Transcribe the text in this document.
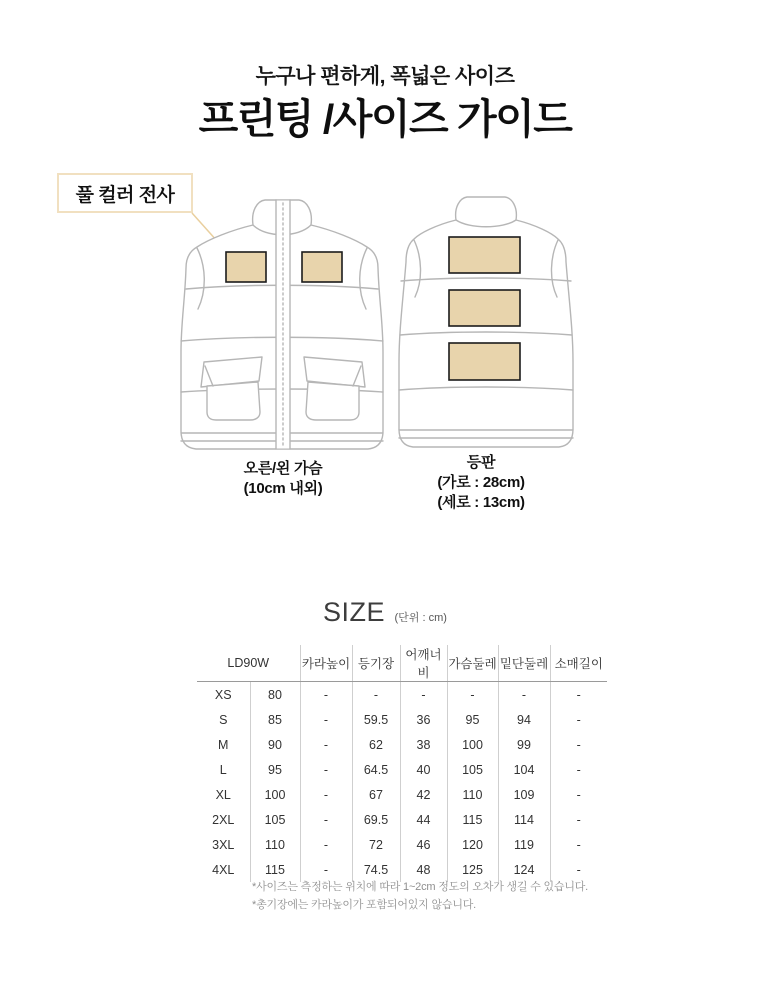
누구나 편하게, 폭넓은 사이즈
프린팅 /사이즈 가이드
풀 컬러 전사
오른/왼 가슴
(10cm 내외)
등판
(가로 : 28cm)
(세로 : 13cm)
SIZE (단위 : cm)
LD90W		카라높이	등기장	어깨너비	가슴둘레	밑단둘레	소매길이
XS	80	-	-	-	-	-	-
S	85	-	59.5	36	95	94	-
M	90	-	62	38	100	99	-
L	95	-	64.5	40	105	104	-
XL	100	-	67	42	110	109	-
2XL	105	-	69.5	44	115	114	-
3XL	110	-	72	46	120	119	-
4XL	115	-	74.5	48	125	124	-
*사이즈는 측정하는 위치에 따라 1~2cm 정도의 오차가 생길 수 있습니다.
*총기장에는 카라높이가 포함되어있지 않습니다.
